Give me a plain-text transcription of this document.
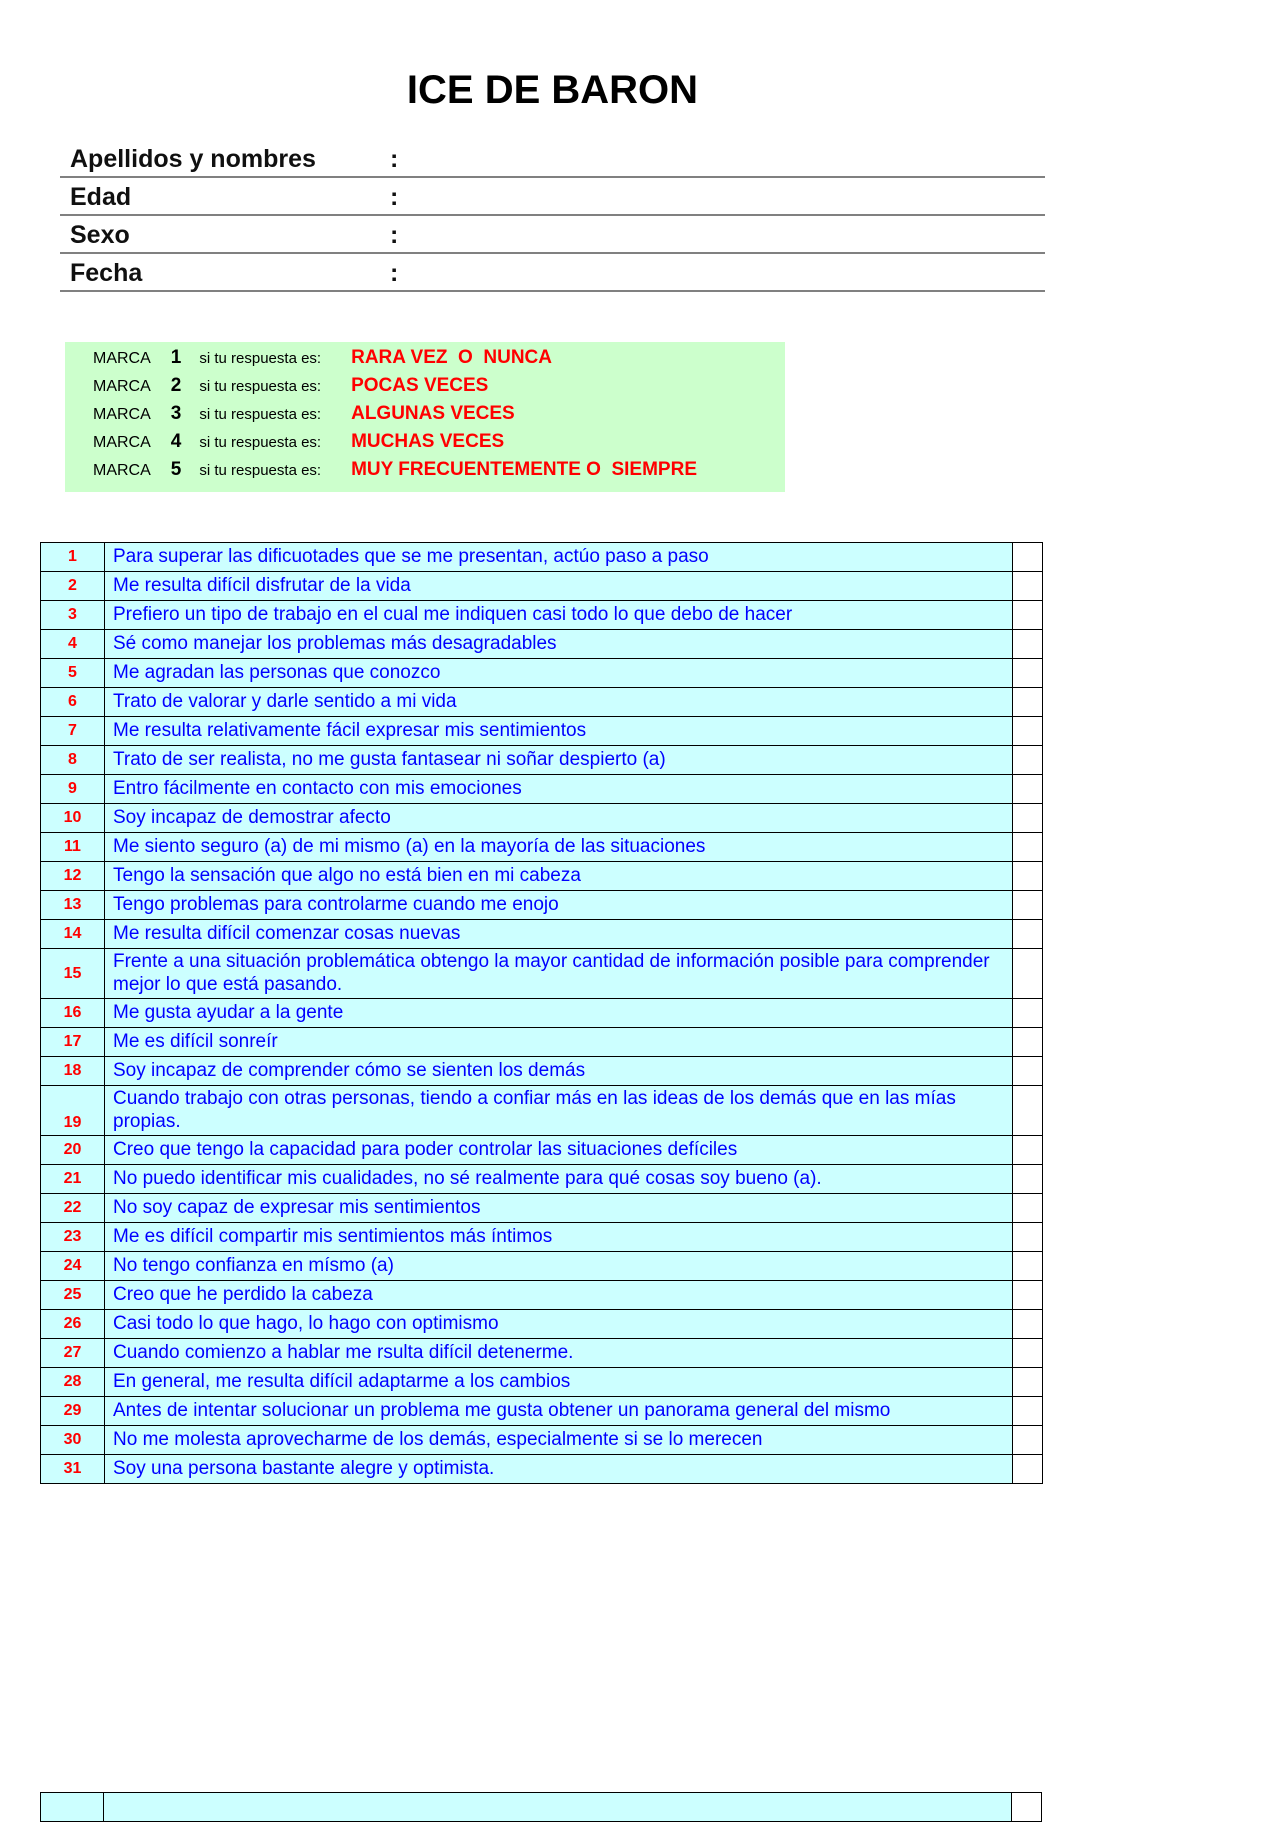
ICE DE BARON
Apellidos y nombres	:
Edad	:
Sexo	:
Fecha	:
MARCA 1 si tu respuesta es: RARA VEZ  O  NUNCA
MARCA 2 si tu respuesta es: POCAS VECES
MARCA 3 si tu respuesta es: ALGUNAS VECES
MARCA 4 si tu respuesta es: MUCHAS VECES
MARCA 5 si tu respuesta es: MUY FRECUENTEMENTE O  SIEMPRE
1	Para superar las dificuotades que se me presentan, actúo paso a paso	
2	Me resulta difícil disfrutar de la vida	
3	Prefiero un tipo de trabajo en el cual me indiquen casi todo lo que debo de hacer	
4	Sé como manejar los problemas más desagradables	
5	Me agradan las personas que conozco	
6	Trato de valorar y darle sentido a mi vida	
7	Me resulta relativamente fácil expresar mis sentimientos	
8	Trato de ser realista, no me gusta fantasear ni soñar despierto (a)	
9	Entro fácilmente en contacto con mis emociones	
10	Soy incapaz de demostrar afecto	
11	Me siento seguro (a) de mi mismo (a) en la mayoría de las situaciones	
12	Tengo la sensación que algo no está bien en mi cabeza	
13	Tengo problemas para controlarme cuando me enojo	
14	Me resulta difícil comenzar cosas nuevas	
15	Frente a una situación problemática obtengo la mayor cantidad de información posible para comprender mejor lo que está pasando.	
16	Me gusta ayudar a la gente	
17	Me es difícil sonreír	
18	Soy incapaz de comprender cómo se sienten los demás	
19	Cuando trabajo con otras personas, tiendo a confiar más en las ideas de los demás que en las mías propias.	
20	Creo que tengo la capacidad para poder controlar las situaciones defíciles	
21	No puedo identificar mis cualidades, no sé realmente para qué cosas soy bueno (a).	
22	No soy capaz de expresar mis sentimientos	
23	Me es difícil compartir mis sentimientos más íntimos	
24	No tengo confianza en mísmo (a)	
25	Creo que he perdido la cabeza	
26	Casi todo lo que hago, lo hago con optimismo	
27	Cuando comienzo a hablar me rsulta difícil detenerme.	
28	En general, me resulta difícil adaptarme a los cambios	
29	Antes de intentar solucionar un problema me gusta obtener un panorama general del mismo	
30	No me molesta aprovecharme de los demás, especialmente si se lo merecen	
31	Soy una persona bastante alegre y optimista.	
